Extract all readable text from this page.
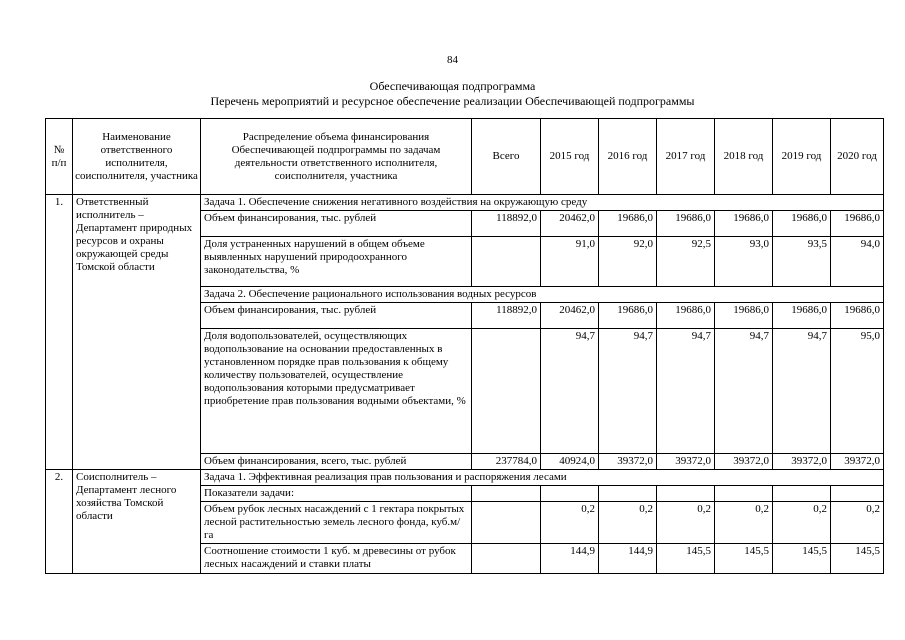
84
Обеспечивающая подпрограмма
Перечень мероприятий и ресурсное обеспечение реализации Обеспечивающей подпрограммы
№ п/п	Наименование ответственного исполнителя, соисполнителя, участника	Распределение объема финансирования Обеспечивающей подпрограммы по задачам деятельности ответственного исполнителя, соисполнителя, участника	Всего	2015 год	2016 год	2017 год	2018 год	2019 год	2020 год
1.	Ответственный исполнитель – Департамент природных ресурсов и охраны окружающей среды Томской области	Задача 1. Обеспечение снижения негативного воздействия на окружающую среду							
		Объем финансирования, тыс. рублей	118892,0	20462,0	19686,0	19686,0	19686,0	19686,0	19686,0
		Доля устраненных нарушений в общем объеме выявленных нарушений природоохранного законодательства, %		91,0	92,0	92,5	93,0	93,5	94,0
		Задача 2. Обеспечение рационального использования водных ресурсов							
		Объем финансирования, тыс. рублей	118892,0	20462,0	19686,0	19686,0	19686,0	19686,0	19686,0
		Доля водопользователей, осуществляющих водопользование на основании предоставленных в установленном порядке прав пользования к общему количеству пользователей, осуществление водопользования которыми предусматривает приобретение прав пользования водными объектами, %		94,7	94,7	94,7	94,7	94,7	95,0
		Объем финансирования, всего, тыс. рублей	237784,0	40924,0	39372,0	39372,0	39372,0	39372,0	39372,0
2.	Соисполнитель – Департамент лесного хозяйства Томской области	Задача 1. Эффективная реализация прав пользования и распоряжения лесами							
		Показатели задачи:							
		Объем рубок лесных насаждений с 1 гектара покрытых лесной растительностью земель лесного фонда, куб.м/га		0,2	0,2	0,2	0,2	0,2	0,2
		Соотношение стоимости 1 куб. м древесины от рубок лесных насаждений и ставки платы		144,9	144,9	145,5	145,5	145,5	145,5
